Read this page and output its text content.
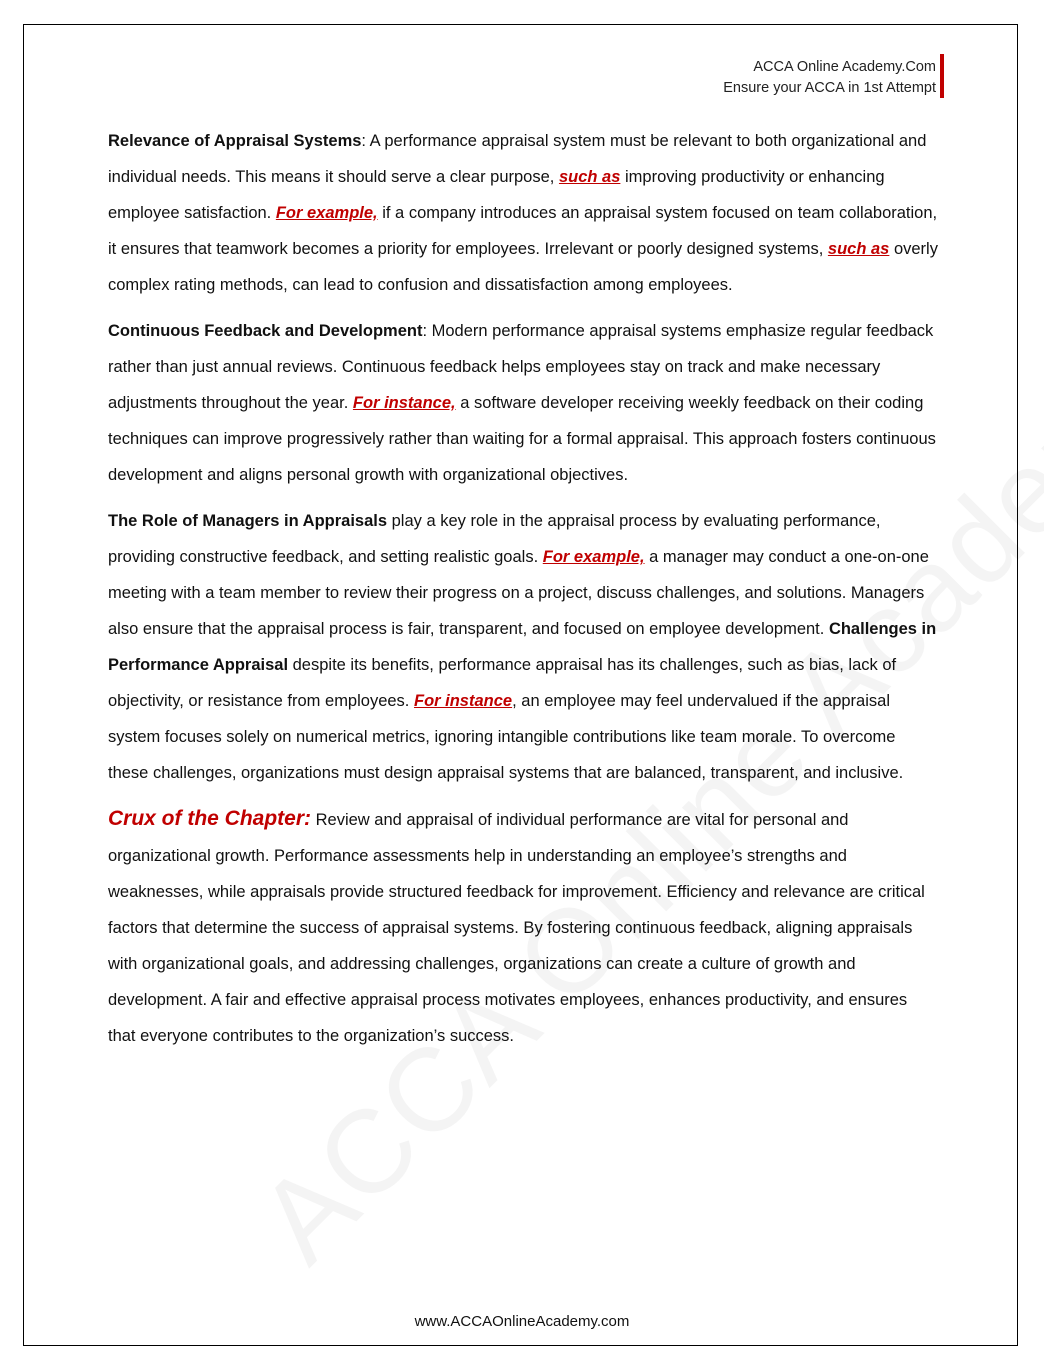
ACCA Online Academy.Com
Ensure your ACCA in 1st Attempt

Relevance of Appraisal Systems: A performance appraisal system must be relevant to both organizational and individual needs. This means it should serve a clear purpose, such as improving productivity or enhancing employee satisfaction. For example, if a company introduces an appraisal system focused on team collaboration, it ensures that teamwork becomes a priority for employees. Irrelevant or poorly designed systems, such as overly complex rating methods, can lead to confusion and dissatisfaction among employees.

Continuous Feedback and Development: Modern performance appraisal systems emphasize regular feedback rather than just annual reviews. Continuous feedback helps employees stay on track and make necessary adjustments throughout the year. For instance, a software developer receiving weekly feedback on their coding techniques can improve progressively rather than waiting for a formal appraisal. This approach fosters continuous development and aligns personal growth with organizational objectives.

The Role of Managers in Appraisals play a key role in the appraisal process by evaluating performance, providing constructive feedback, and setting realistic goals. For example, a manager may conduct a one-on-one meeting with a team member to review their progress on a project, discuss challenges, and solutions. Managers also ensure that the appraisal process is fair, transparent, and focused on employee development. Challenges in Performance Appraisal despite its benefits, performance appraisal has its challenges, such as bias, lack of objectivity, or resistance from employees. For instance, an employee may feel undervalued if the appraisal system focuses solely on numerical metrics, ignoring intangible contributions like team morale. To overcome these challenges, organizations must design appraisal systems that are balanced, transparent, and inclusive.

Crux of the Chapter: Review and appraisal of individual performance are vital for personal and organizational growth. Performance assessments help in understanding an employee’s strengths and weaknesses, while appraisals provide structured feedback for improvement. Efficiency and relevance are critical factors that determine the success of appraisal systems. By fostering continuous feedback, aligning appraisals with organizational goals, and addressing challenges, organizations can create a culture of growth and development. A fair and effective appraisal process motivates employees, enhances productivity, and ensures that everyone contributes to the organization’s success.

www.ACCAOnlineAcademy.com
